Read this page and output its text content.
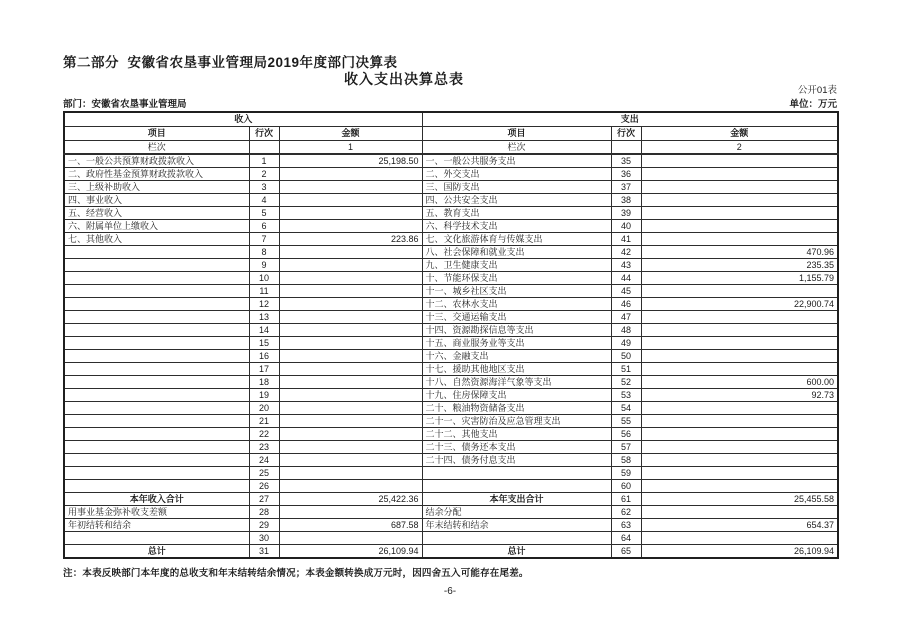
第二部分  安徽省农垦事业管理局2019年度部门决算表
收入支出决算总表
公开01表
部门：安徽省农垦事业管理局	单位：万元
收入			支出		
项目	行次	金额	项目	行次	金额
栏次		1	栏次		2
一、一般公共预算财政拨款收入	1	25,198.50	一、一般公共服务支出	35	
二、政府性基金预算财政拨款收入	2		二、外交支出	36	
三、上级补助收入	3		三、国防支出	37	
四、事业收入	4		四、公共安全支出	38	
五、经营收入	5		五、教育支出	39	
六、附属单位上缴收入	6		六、科学技术支出	40	
七、其他收入	7	223.86	七、文化旅游体育与传媒支出	41	
	8		八、社会保障和就业支出	42	470.96
	9		九、卫生健康支出	43	235.35
	10		十、节能环保支出	44	1,155.79
	11		十一、城乡社区支出	45	
	12		十二、农林水支出	46	22,900.74
	13		十三、交通运输支出	47	
	14		十四、资源勘探信息等支出	48	
	15		十五、商业服务业等支出	49	
	16		十六、金融支出	50	
	17		十七、援助其他地区支出	51	
	18		十八、自然资源海洋气象等支出	52	600.00
	19		十九、住房保障支出	53	92.73
	20		二十、粮油物资储备支出	54	
	21		二十一、灾害防治及应急管理支出	55	
	22		二十二、其他支出	56	
	23		二十三、债务还本支出	57	
	24		二十四、债务付息支出	58	
	25			59	
	26			60	
本年收入合计	27	25,422.36	本年支出合计	61	25,455.58
用事业基金弥补收支差额	28		结余分配	62	
年初结转和结余	29	687.58	年末结转和结余	63	654.37
	30			64	
总计	31	26,109.94	总计	65	26,109.94
注：本表反映部门本年度的总收支和年末结转结余情况；本表金额转换成万元时，因四舍五入可能存在尾差。
-6-
